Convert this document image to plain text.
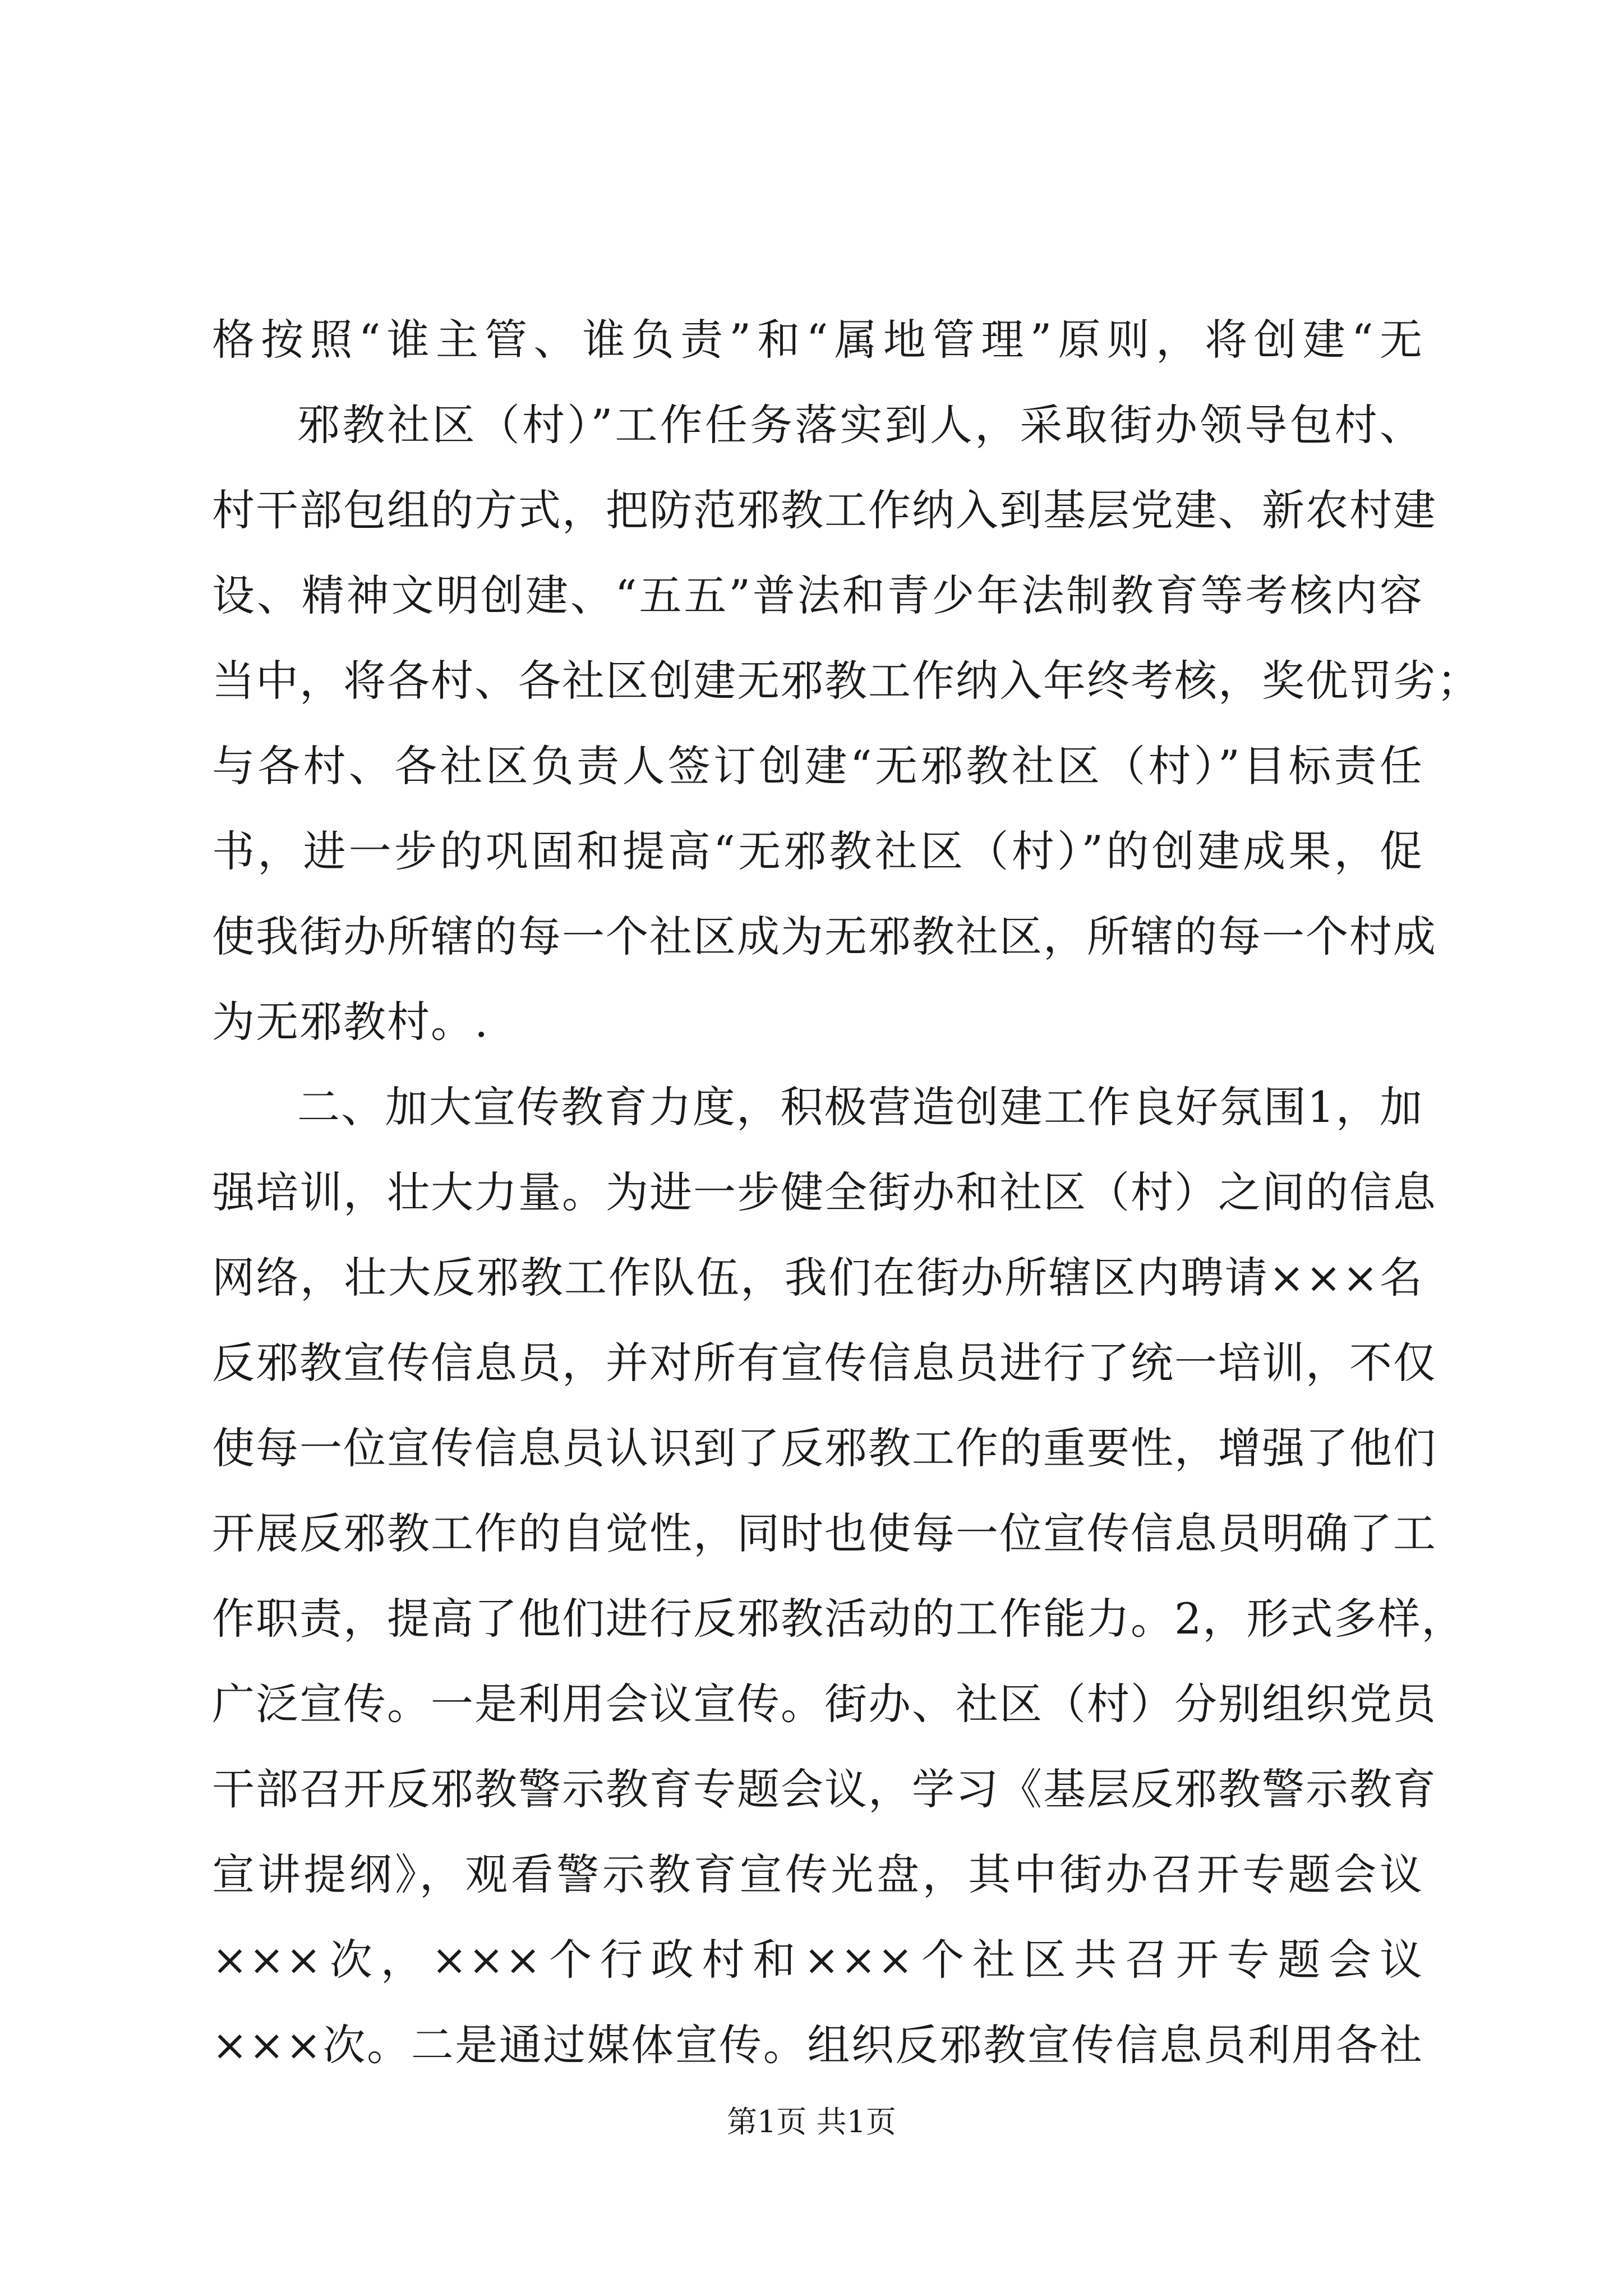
格按照“谁主管、谁负责”和“属地管理”原则，将创建“无
邪教社区（村）”工作任务落实到人，采取街办领导包村、
村干部包组的方式，把防范邪教工作纳入到基层党建、新农村建
设、精神文明创建、“五五”普法和青少年法制教育等考核内容
当中，将各村、各社区创建无邪教工作纳入年终考核，奖优罚劣；
与各村、各社区负责人签订创建“无邪教社区（村）”目标责任
书，进一步的巩固和提高“无邪教社区（村）”的创建成果，促
使我街办所辖的每一个社区成为无邪教社区，所辖的每一个村成
为无邪教村。.
二、加大宣传教育力度，积极营造创建工作良好氛围1，加
强培训，壮大力量。为进一步健全街办和社区（村）之间的信息
网络，壮大反邪教工作队伍，我们在街办所辖区内聘请×××名
反邪教宣传信息员，并对所有宣传信息员进行了统一培训，不仅
使每一位宣传信息员认识到了反邪教工作的重要性，增强了他们
开展反邪教工作的自觉性，同时也使每一位宣传信息员明确了工
作职责，提高了他们进行反邪教活动的工作能力。2，形式多样，
广泛宣传。一是利用会议宣传。街办、社区（村）分别组织党员
干部召开反邪教警示教育专题会议，学习《基层反邪教警示教育
宣讲提纲》，观看警示教育宣传光盘，其中街办召开专题会议
×××次，×××个行政村和×××个社区共召开专题会议
×××次。二是通过媒体宣传。组织反邪教宣传信息员利用各社
第1页 共1页
